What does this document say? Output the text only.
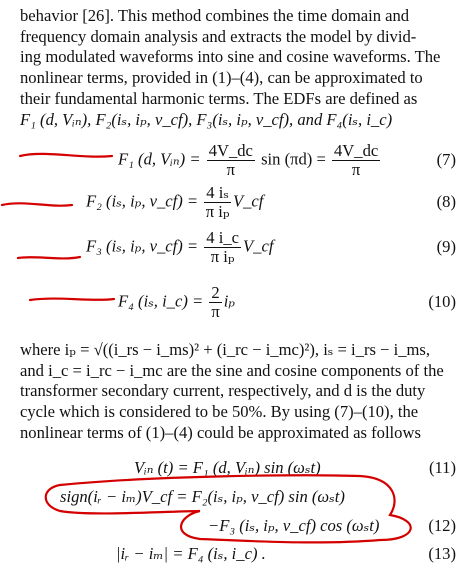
behavior [26]. This method combines the time domain and
frequency domain analysis and extracts the model by divid-
ing modulated waveforms into sine and cosine waveforms. The
nonlinear terms, provided in (1)–(4), can be approximated to
their fundamental harmonic terms. The EDFs are defined as
F₁ (d, Vᵢₙ), F₂(iₛ, iₚ, v_cf), F₃(iₛ, iₚ, v_cf), and F₄(iₛ, i_c)
F₁ (d, Vᵢₙ) = $\frac{4V\_dc}{\pi}$ $\sin (\pi d) = \frac{4V\_dc}{\pi}$	(7)
F₂ (iₛ, iₚ, v_cf) = $\frac{\text{4 iₛ}}{\text{π iₚ}}$ V_cf	(8)
F₃ (iₛ, iₚ, v_cf) = $\frac{4 i\_c}{\text{π iₚ}}$ V_cf	(9)
F₄ (iₛ, i_c) = $\frac{2}{\pi}$ iₚ	(10)
where iₚ = √((i_rs − i_ms)² + (i_rc − i_mc)²), iₛ = i_rs − i_ms,
and i_c = i_rc − i_mc are the sine and cosine components of the
transformer secondary current, respectively, and d is the duty
cycle which is considered to be 50%. By using (7)–(10), the
nonlinear terms of (1)–(4) could be approximated as follows
Vᵢₙ (t) = F₁ (d, Vᵢₙ) sin (ωₛt)	(11)
sign(iᵣ − iₘ)V_cf = F₂(iₛ, iₚ, v_cf) sin (ωₛt)
−F₃ (iₛ, iₚ, v_cf) cos (ωₛt)	(12)
|iᵣ − iₘ| = F₄ (iₛ, i_c) .	(13)
